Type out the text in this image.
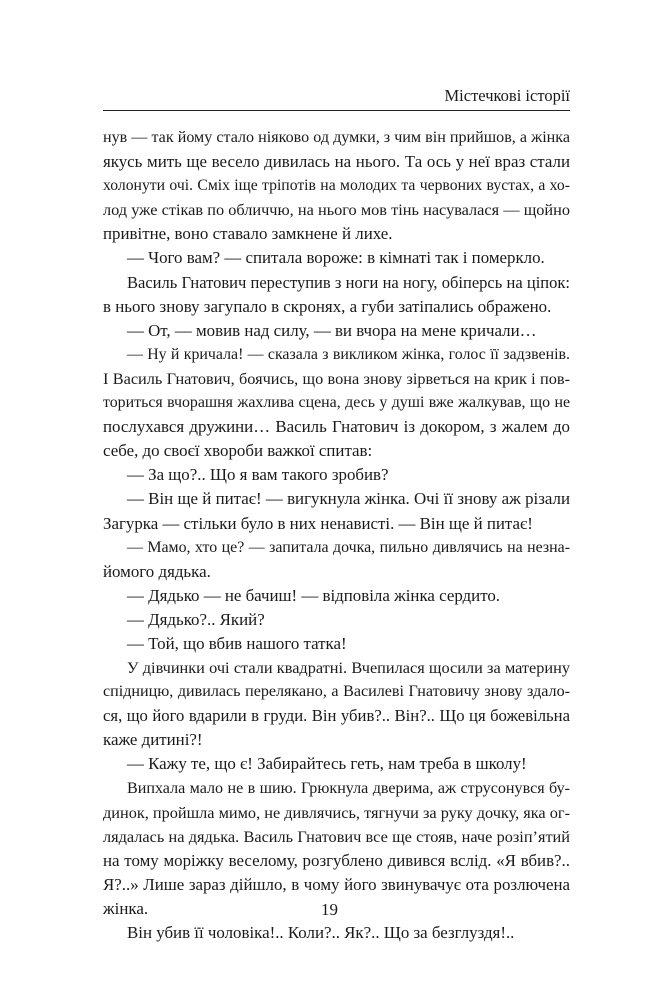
Містечкові історії
нув — так йому стало ніяково од думки, з чим він прийшов, а жінка
якусь мить ще весело дивилась на нього. Та ось у неї враз стали
холонути очі. Сміх іще тріпотів на молодих та червоних вустах, а хо-
лод уже стікав по обличчю, на нього мов тінь насувалася — щойно
привітне, воно ставало замкнене й лихе.
— Чого вам? — спитала вороже: в кімнаті так і померкло.
Василь Гнатович переступив з ноги на ногу, обіперсь на ціпок:
в нього знову загупало в скронях, а губи затіпались ображено.
— От, — мовив над силу, — ви вчора на мене кричали…
— Ну й кричала! — сказала з викликом жінка, голос її задзвенів.
І Василь Гнатович, боячись, що вона знову зірветься на крик і пов-
ториться вчорашня жахлива сцена, десь у душі вже жалкував, що не
послухався дружини… Василь Гнатович із докором, з жалем до
себе, до своєї хвороби важкої спитав:
— За що?.. Що я вам такого зробив?
— Він ще й питає! — вигукнула жінка. Очі її знову аж різали
Загурка — стільки було в них ненависті. — Він ще й питає!
— Мамо, хто це? — запитала дочка, пильно дивлячись на незна-
йомого дядька.
— Дядько — не бачиш! — відповіла жінка сердито.
— Дядько?.. Який?
— Той, що вбив нашого татка!
У дівчинки очі стали квадратні. Вчепилася щосили за материну
спідницю, дивилась перелякано, а Василеві Гнатовичу знову здало-
ся, що його вдарили в груди. Він убив?.. Він?.. Що ця божевільна
каже дитині?!
— Кажу те, що є! Забирайтесь геть, нам треба в школу!
Випхала мало не в шию. Грюкнула дверима, аж струсонувся бу-
динок, пройшла мимо, не дивлячись, тягнучи за руку дочку, яка ог-
лядалась на дядька. Василь Гнатович все ще стояв, наче розіп’ятий
на тому моріжку веселому, розгублено дивився вслід. «Я вбив?..
Я?..» Лише зараз дійшло, в чому його звинувачує ота розлючена
жінка.
Він убив її чоловіка!.. Коли?.. Як?.. Що за безглуздя!..
19
